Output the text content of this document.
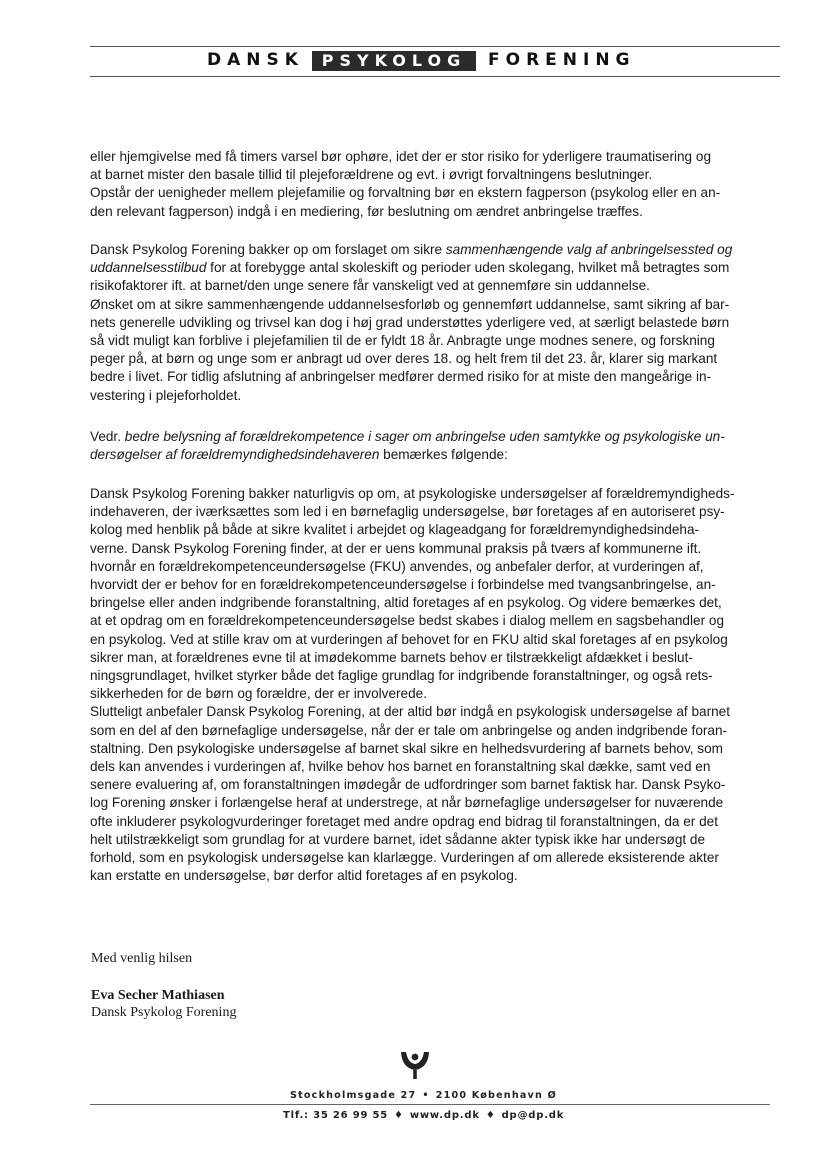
DANSK	PSYKOLOG	FORENING
eller hjemgivelse med få timers varsel bør ophøre, idet der er stor risiko for yderligere traumatisering og
at barnet mister den basale tillid til plejeforældrene og evt. i øvrigt forvaltningens beslutninger.
Opstår der uenigheder mellem plejefamilie og forvaltning bør en ekstern fagperson (psykolog eller en an-
den relevant fagperson) indgå i en mediering, før beslutning om ændret anbringelse træffes.
Dansk Psykolog Forening bakker op om forslaget om sikre sammenhængende valg af anbringelsessted og
uddannelsesstilbud for at forebygge antal skoleskift og perioder uden skolegang, hvilket må betragtes som
risikofaktorer ift. at barnet/den unge senere får vanskeligt ved at gennemføre sin uddannelse.
Ønsket om at sikre sammenhængende uddannelsesforløb og gennemført uddannelse, samt sikring af bar-
nets generelle udvikling og trivsel kan dog i høj grad understøttes yderligere ved, at særligt belastede børn
så vidt muligt kan forblive i plejefamilien til de er fyldt 18 år. Anbragte unge modnes senere, og forskning
peger på, at børn og unge som er anbragt ud over deres 18. og helt frem til det 23. år, klarer sig markant
bedre i livet. For tidlig afslutning af anbringelser medfører dermed risiko for at miste den mangeårige in-
vestering i plejeforholdet.
Vedr. bedre belysning af forældrekompetence i sager om anbringelse uden samtykke og psykologiske un-
dersøgelser af forældremyndighedsindehaveren bemærkes følgende:
Dansk Psykolog Forening bakker naturligvis op om, at psykologiske undersøgelser af forældremyndigheds-
indehaveren, der iværksættes som led i en børnefaglig undersøgelse, bør foretages af en autoriseret psy-
kolog med henblik på både at sikre kvalitet i arbejdet og klageadgang for forældremyndighedsindeha-
verne. Dansk Psykolog Forening finder, at der er uens kommunal praksis på tværs af kommunerne ift.
hvornår en forældrekompetenceundersøgelse (FKU) anvendes, og anbefaler derfor, at vurderingen af,
hvorvidt der er behov for en forældrekompetenceundersøgelse i forbindelse med tvangsanbringelse, an-
bringelse eller anden indgribende foranstaltning, altid foretages af en psykolog. Og videre bemærkes det,
at et opdrag om en forældrekompetenceundersøgelse bedst skabes i dialog mellem en sagsbehandler og
en psykolog. Ved at stille krav om at vurderingen af behovet for en FKU altid skal foretages af en psykolog
sikrer man, at forældrenes evne til at imødekomme barnets behov er tilstrækkeligt afdækket i beslut-
ningsgrundlaget, hvilket styrker både det faglige grundlag for indgribende foranstaltninger, og også rets-
sikkerheden for de børn og forældre, der er involverede.
Slutteligt anbefaler Dansk Psykolog Forening, at der altid bør indgå en psykologisk undersøgelse af barnet
som en del af den børnefaglige undersøgelse, når der er tale om anbringelse og anden indgribende foran-
staltning. Den psykologiske undersøgelse af barnet skal sikre en helhedsvurdering af barnets behov, som
dels kan anvendes i vurderingen af, hvilke behov hos barnet en foranstaltning skal dække, samt ved en
senere evaluering af, om foranstaltningen imødegår de udfordringer som barnet faktisk har. Dansk Psyko-
log Forening ønsker i forlængelse heraf at understrege, at når børnefaglige undersøgelser for nuværende
ofte inkluderer psykologvurderinger foretaget med andre opdrag end bidrag til foranstaltningen, da er det
helt utilstrækkeligt som grundlag for at vurdere barnet, idet sådanne akter typisk ikke har undersøgt de
forhold, som en psykologisk undersøgelse kan klarlægge. Vurderingen af om allerede eksisterende akter
kan erstatte en undersøgelse, bør derfor altid foretages af en psykolog.
Med venlig hilsen
Eva Secher Mathiasen
Dansk Psykolog Forening
Stockholmsgade 27 • 2100 København Ø
Tlf.: 35 26 99 55 ♦ www.dp.dk ♦ dp@dp.dk
